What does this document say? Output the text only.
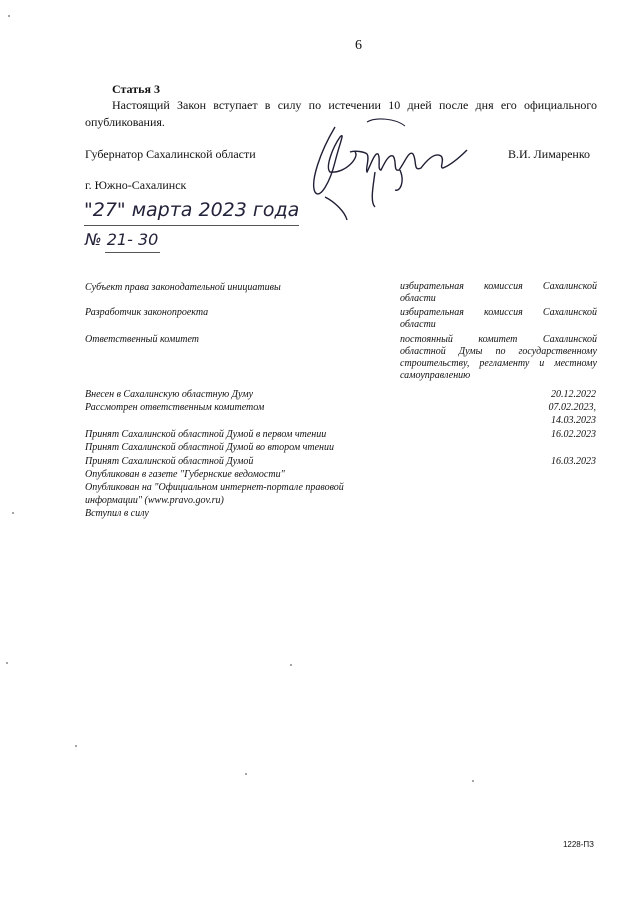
6
Статья 3
Настоящий Закон вступает в силу по истечении 10 дней после дня его официального опубликования.
Губернатор Сахалинской области	В.И. Лимаренко
г. Южно-Сахалинск
"27" марта 2023 года
№ 21- 30
Субъект права законодательной инициативы	избирательная комиссия Сахалинской области
Разработчик законопроекта	избирательная комиссия Сахалинской области
Ответственный комитет	постоянный комитет Сахалинской областной Думы по государственному строительству, регламенту и местному самоуправлению
Внесен в Сахалинскую областную Думу	20.12.2022
Рассмотрен ответственным комитетом	07.02.2023,
14.03.2023
Принят Сахалинской областной Думой в первом чтении	16.02.2023
Принят Сахалинской областной Думой во втором чтении
Принят Сахалинской областной Думой	16.03.2023
Опубликован в газете "Губернские ведомости"
Опубликован на "Официальном интернет-портале правовой
информации" (www.pravo.gov.ru)
Вступил в силу
1228-ПЗ
